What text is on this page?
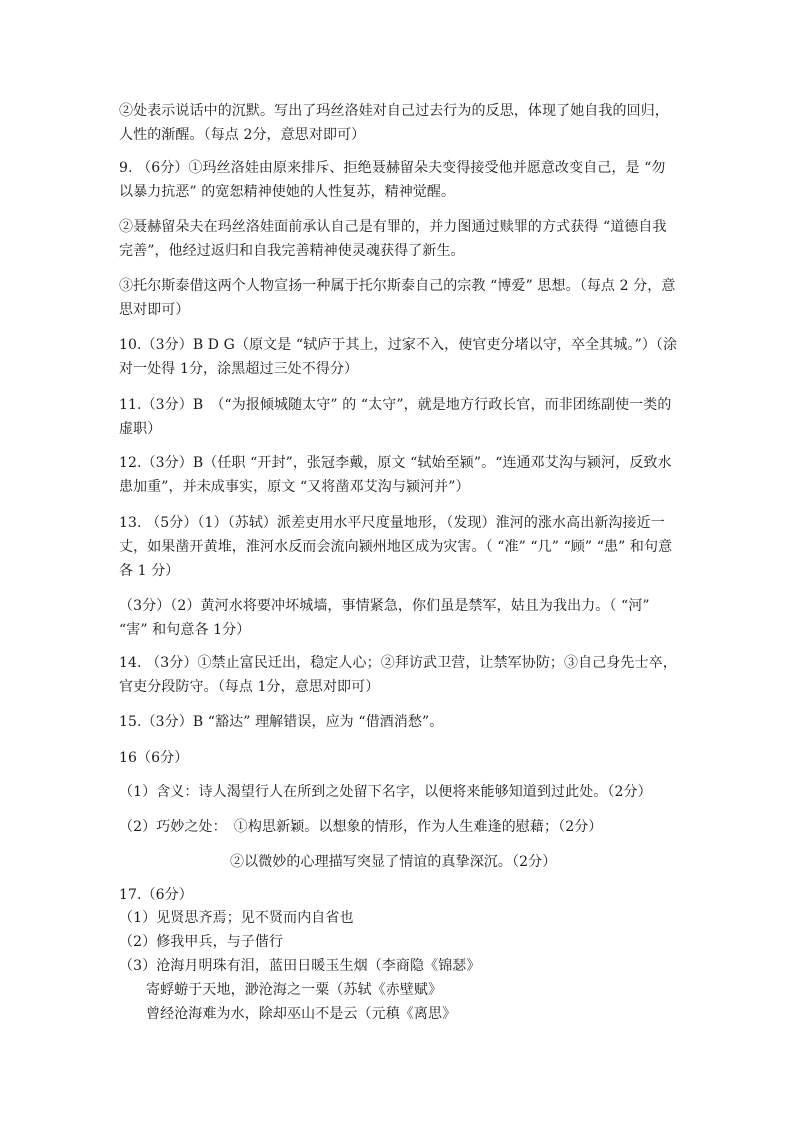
②处表示说话中的沉默。写出了玛丝洛娃对自己过去行为的反思，体现了她自我的回归，人性的渐醒。（每点 2分，意思对即可）

9. （6分）①玛丝洛娃由原来排斥、拒绝聂赫留朵夫变得接受他并愿意改变自己，是 “勿以暴力抗恶” 的宽恕精神使她的人性复苏，精神觉醒。

②聂赫留朵夫在玛丝洛娃面前承认自己是有罪的，并力图通过赎罪的方式获得 “道德自我完善”，他经过返归和自我完善精神使灵魂获得了新生。

③托尔斯泰借这两个人物宣扬一种属于托尔斯泰自己的宗教 “博爱” 思想。（每点 2 分，意思对即可）

10.（3分）B D G（原文是 “轼庐于其上，过家不入，使官吏分堵以守，卒全其城。”）（涂对一处得 1分，涂黑超过三处不得分）

11.（3分）B　（“为报倾城随太守” 的 “太守”，就是地方行政长官，而非团练副使一类的虚职）

12.（3分）B（任职 “开封”，张冠李戴，原文 “轼始至颍”。“连通邓艾沟与颍河，反致水患加重”，并未成事实，原文 “又将凿邓艾沟与颍河并”）

13. （5分）（1）（苏轼）派差吏用水平尺度量地形，（发现）淮河的涨水高出新沟接近一丈，如果凿开黄堆，淮河水反而会流向颍州地区成为灾害。（ “准” “几” “顾” “患” 和句意各 1 分）

（3分）（2）黄河水将要冲坏城墙，事情紧急，你们虽是禁军，姑且为我出力。（ “河” “害” 和句意各 1分）

14. （3分）①禁止富民迁出，稳定人心；②拜访武卫营，让禁军协防；③自己身先士卒，官吏分段防守。（每点 1分，意思对即可）

15.（3分）B “豁达” 理解错误，应为 “借酒消愁”。

16（6分）

（1）含义：诗人渴望行人在所到之处留下名字，以便将来能够知道到过此处。（2分）

（2）巧妙之处：　①构思新颖。以想象的情形，作为人生难逢的慰藉；（2分）

②以微妙的心理描写突显了情谊的真挚深沉。（2分）

17.（6分）

（1）见贤思齐焉；见不贤而内自省也

（2）修我甲兵，与子偕行

（3）沧海月明珠有泪，蓝田日暖玉生烟（李商隐《锦瑟》

寄蜉蝣于天地，渺沧海之一粟（苏轼《赤壁赋》

曾经沧海难为水，除却巫山不是云（元稹《离思》
